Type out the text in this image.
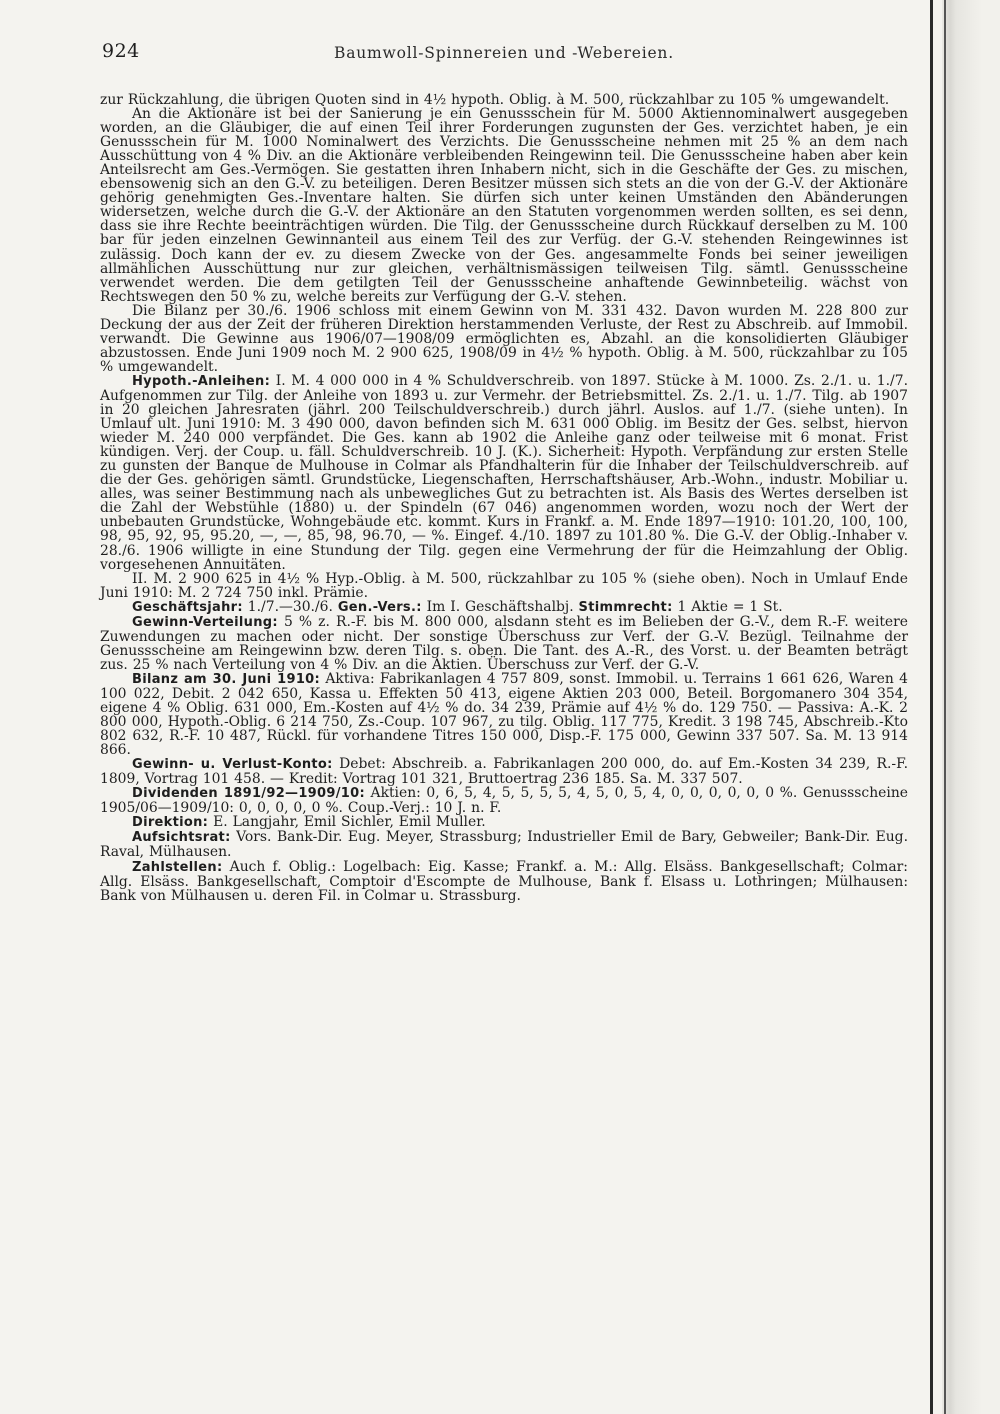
924	Baumwoll-Spinnereien und -Webereien.

zur Rückzahlung, die übrigen Quoten sind in 4½ hypoth. Oblig. à M. 500, rückzahlbar zu 105 % umgewandelt.

An die Aktionäre ist bei der Sanierung je ein Genussschein für M. 5000 Aktiennominalwert ausgegeben worden, an die Gläubiger, die auf einen Teil ihrer Forderungen zugunsten der Ges. verzichtet haben, je ein Genussschein für M. 1000 Nominalwert des Verzichts. Die Genussscheine nehmen mit 25 % an dem nach Ausschüttung von 4 % Div. an die Aktionäre verbleibenden Reingewinn teil. Die Genussscheine haben aber kein Anteilsrecht am Ges.-Vermögen. Sie gestatten ihren Inhabern nicht, sich in die Geschäfte der Ges. zu mischen, ebensowenig sich an den G.-V. zu beteiligen. Deren Besitzer müssen sich stets an die von der G.-V. der Aktionäre gehörig genehmigten Ges.-Inventare halten. Sie dürfen sich unter keinen Umständen den Abänderungen widersetzen, welche durch die G.-V. der Aktionäre an den Statuten vorgenommen werden sollten, es sei denn, dass sie ihre Rechte beeinträchtigen würden. Die Tilg. der Genussscheine durch Rückkauf derselben zu M. 100 bar für jeden einzelnen Gewinnanteil aus einem Teil des zur Verfüg. der G.-V. stehenden Reingewinnes ist zulässig. Doch kann der ev. zu diesem Zwecke von der Ges. angesammelte Fonds bei seiner jeweiligen allmählichen Ausschüttung nur zur gleichen, verhältnismässigen teilweisen Tilg. sämtl. Genussscheine verwendet werden. Die dem getilgten Teil der Genussscheine anhaftende Gewinnbeteilig. wächst von Rechtswegen den 50 % zu, welche bereits zur Verfügung der G.-V. stehen.

Die Bilanz per 30./6. 1906 schloss mit einem Gewinn von M. 331 432. Davon wurden M. 228 800 zur Deckung der aus der Zeit der früheren Direktion herstammenden Verluste, der Rest zu Abschreib. auf Immobil. verwandt. Die Gewinne aus 1906/07—1908/09 ermöglichten es, Abzahl. an die konsolidierten Gläubiger abzustossen. Ende Juni 1909 noch M. 2 900 625, 1908/09 in 4½ % hypoth. Oblig. à M. 500, rückzahlbar zu 105 % umgewandelt.

Hypoth.-Anleihen: I. M. 4 000 000 in 4 % Schuldverschreib. von 1897. Stücke à M. 1000. Zs. 2./1. u. 1./7. Aufgenommen zur Tilg. der Anleihe von 1893 u. zur Vermehr. der Betriebsmittel. Zs. 2./1. u. 1./7. Tilg. ab 1907 in 20 gleichen Jahresraten (jährl. 200 Teilschuldverschreib.) durch jährl. Auslos. auf 1./7. (siehe unten). In Umlauf ult. Juni 1910: M. 3 490 000, davon befinden sich M. 631 000 Oblig. im Besitz der Ges. selbst, hiervon wieder M. 240 000 verpfändet. Die Ges. kann ab 1902 die Anleihe ganz oder teilweise mit 6 monat. Frist kündigen. Verj. der Coup. u. fäll. Schuldverschreib. 10 J. (K.). Sicherheit: Hypoth. Verpfändung zur ersten Stelle zu gunsten der Banque de Mulhouse in Colmar als Pfandhalterin für die Inhaber der Teilschuldverschreib. auf die der Ges. gehörigen sämtl. Grundstücke, Liegenschaften, Herrschaftshäuser, Arb.-Wohn., industr. Mobiliar u. alles, was seiner Bestimmung nach als unbewegliches Gut zu betrachten ist. Als Basis des Wertes derselben ist die Zahl der Webstühle (1880) u. der Spindeln (67 046) angenommen worden, wozu noch der Wert der unbebauten Grundstücke, Wohngebäude etc. kommt. Kurs in Frankf. a. M. Ende 1897—1910: 101.20, 100, 100, 98, 95, 92, 95, 95.20, —, —, 85, 98, 96.70, — %. Eingef. 4./10. 1897 zu 101.80 %. Die G.-V. der Oblig.-Inhaber v. 28./6. 1906 willigte in eine Stundung der Tilg. gegen eine Vermehrung der für die Heimzahlung der Oblig. vorgesehenen Annuitäten.

II. M. 2 900 625 in 4½ % Hyp.-Oblig. à M. 500, rückzahlbar zu 105 % (siehe oben). Noch in Umlauf Ende Juni 1910: M. 2 724 750 inkl. Prämie.

Geschäftsjahr: 1./7.—30./6. Gen.-Vers.: Im I. Geschäftshalbj. Stimmrecht: 1 Aktie = 1 St.

Gewinn-Verteilung: 5 % z. R.-F. bis M. 800 000, alsdann steht es im Belieben der G.-V., dem R.-F. weitere Zuwendungen zu machen oder nicht. Der sonstige Überschuss zur Verf. der G.-V. Bezügl. Teilnahme der Genussscheine am Reingewinn bzw. deren Tilg. s. oben. Die Tant. des A.-R., des Vorst. u. der Beamten beträgt zus. 25 % nach Verteilung von 4 % Div. an die Aktien. Überschuss zur Verf. der G.-V.

Bilanz am 30. Juni 1910: Aktiva: Fabrikanlagen 4 757 809, sonst. Immobil. u. Terrains 1 661 626, Waren 4 100 022, Debit. 2 042 650, Kassa u. Effekten 50 413, eigene Aktien 203 000, Beteil. Borgomanero 304 354, eigene 4 % Oblig. 631 000, Em.-Kosten auf 4½ % do. 34 239, Prämie auf 4½ % do. 129 750. — Passiva: A.-K. 2 800 000, Hypoth.-Oblig. 6 214 750, Zs.-Coup. 107 967, zu tilg. Oblig. 117 775, Kredit. 3 198 745, Abschreib.-Kto 802 632, R.-F. 10 487, Rückl. für vorhandene Titres 150 000, Disp.-F. 175 000, Gewinn 337 507. Sa. M. 13 914 866.

Gewinn- u. Verlust-Konto: Debet: Abschreib. a. Fabrikanlagen 200 000, do. auf Em.-Kosten 34 239, R.-F. 1809, Vortrag 101 458. — Kredit: Vortrag 101 321, Bruttoertrag 236 185. Sa. M. 337 507.

Dividenden 1891/92—1909/10: Aktien: 0, 6, 5, 4, 5, 5, 5, 5, 4, 5, 0, 5, 4, 0, 0, 0, 0, 0, 0 %. Genussscheine 1905/06—1909/10: 0, 0, 0, 0, 0 %. Coup.-Verj.: 10 J. n. F.

Direktion: E. Langjahr, Emil Sichler, Emil Muller.

Aufsichtsrat: Vors. Bank-Dir. Eug. Meyer, Strassburg; Industrieller Emil de Bary, Gebweiler; Bank-Dir. Eug. Raval, Mülhausen.

Zahlstellen: Auch f. Oblig.: Logelbach: Eig. Kasse; Frankf. a. M.: Allg. Elsäss. Bankgesellschaft; Colmar: Allg. Elsäss. Bankgesellschaft, Comptoir d'Escompte de Mulhouse, Bank f. Elsass u. Lothringen; Mülhausen: Bank von Mülhausen u. deren Fil. in Colmar u. Strassburg.
